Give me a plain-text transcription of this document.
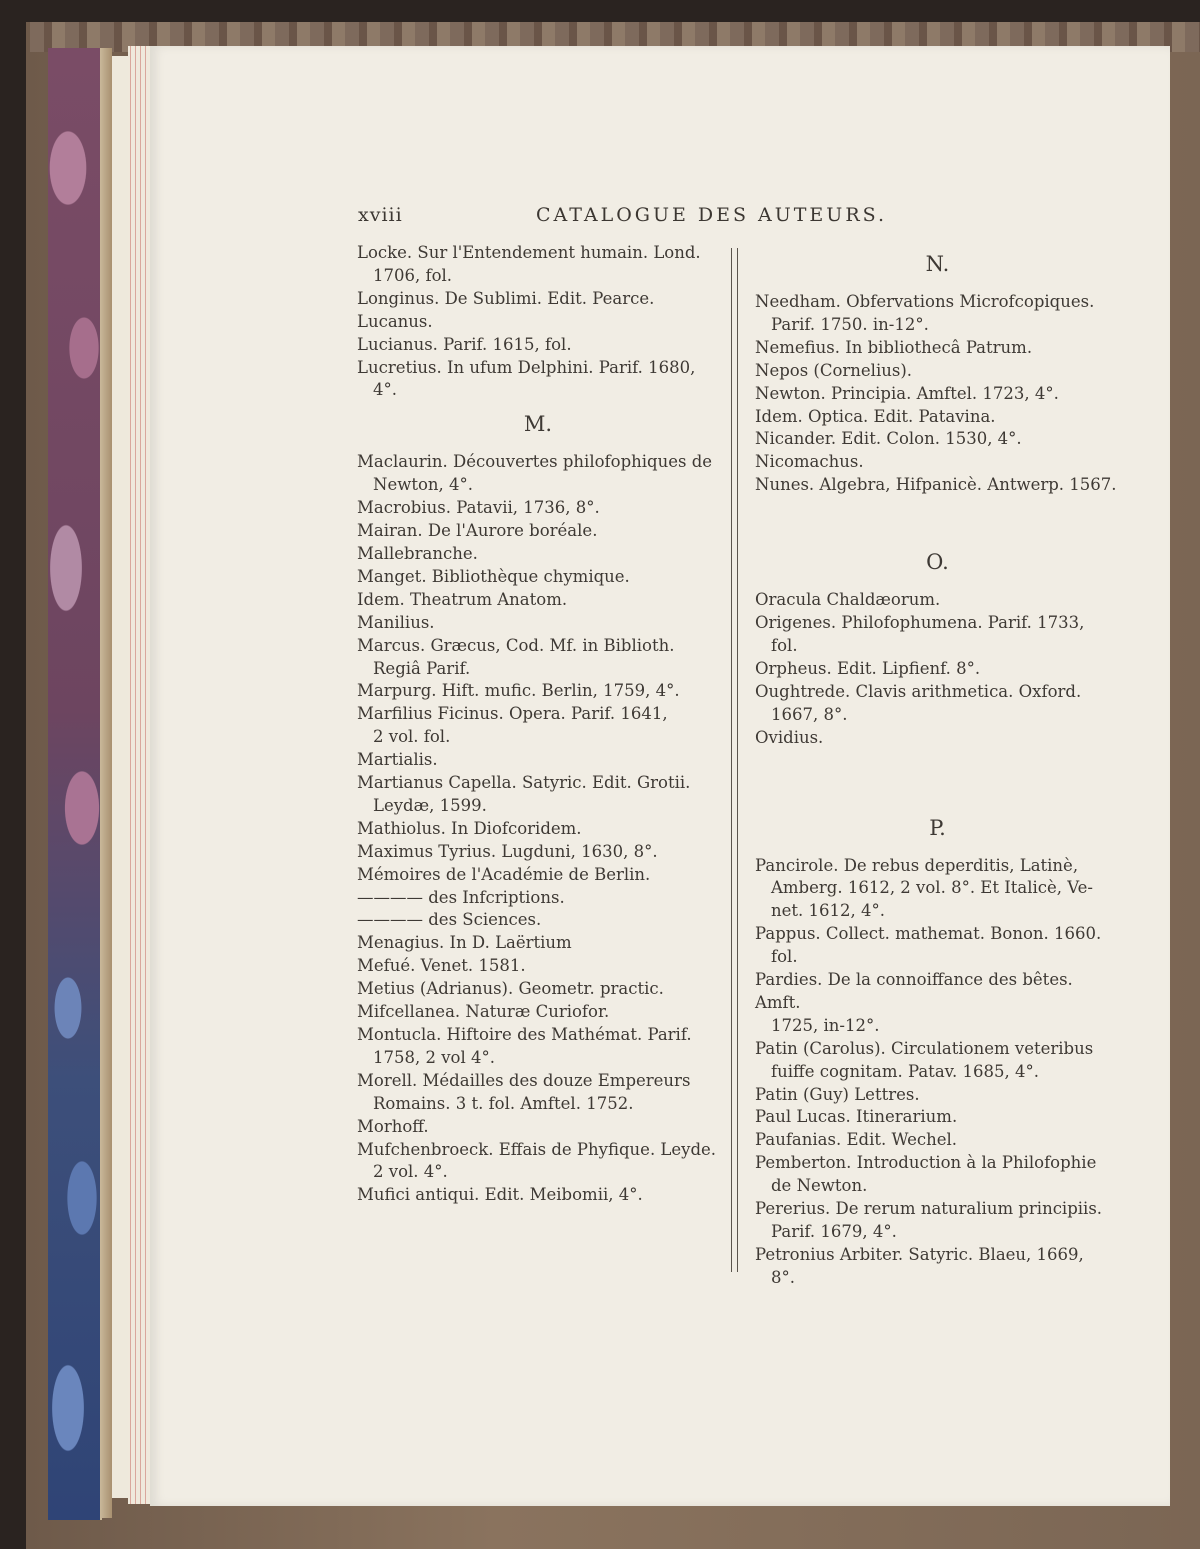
xviii	CATALOGUE DES AUTEURS.
Locke. Sur l'Entendement humain. Lond.
1706, fol.
Longinus. De Sublimi. Edit. Pearce.
Lucanus.
Lucianus. Parif. 1615, fol.
Lucretius. In ufum Delphini. Parif. 1680,
4°.
M.
Maclaurin. Découvertes philofophiques de
Newton, 4°.
Macrobius. Patavii, 1736, 8°.
Mairan. De l'Aurore boréale.
Mallebranche.
Manget. Bibliothèque chymique.
Idem. Theatrum Anatom.
Manilius.
Marcus. Græcus, Cod. Mf. in Biblioth.
Regiâ Parif.
Marpurg. Hift. mufic. Berlin, 1759, 4°.
Marfilius Ficinus. Opera. Parif. 1641,
2 vol. fol.
Martialis.
Martianus Capella. Satyric. Edit. Grotii.
Leydæ, 1599.
Mathiolus. In Diofcoridem.
Maximus Tyrius. Lugduni, 1630, 8°.
Mémoires de l'Académie de Berlin.
———— des Infcriptions.
———— des Sciences.
Menagius. In D. Laërtium
Mefué. Venet. 1581.
Metius (Adrianus). Geometr. practic.
Mifcellanea. Naturæ Curiofor.
Montucla. Hiftoire des Mathémat. Parif.
1758, 2 vol 4°.
Morell. Médailles des douze Empereurs
Romains. 3 t. fol. Amftel. 1752.
Morhoff.
Mufchenbroeck. Effais de Phyfique. Leyde.
2 vol. 4°.
Mufici antiqui. Edit. Meibomii, 4°.
N.
Needham. Obfervations Microfcopiques.
Parif. 1750. in-12°.
Nemefius. In bibliothecâ Patrum.
Nepos (Cornelius).
Newton. Principia. Amftel. 1723, 4°.
Idem. Optica. Edit. Patavina.
Nicander. Edit. Colon. 1530, 4°.
Nicomachus.
Nunes. Algebra, Hifpanicè. Antwerp. 1567.
O.
Oracula Chaldæorum.
Origenes. Philofophumena. Parif. 1733,
fol.
Orpheus. Edit. Lipfienf. 8°.
Oughtrede. Clavis arithmetica. Oxford.
1667, 8°.
Ovidius.
P.
Pancirole. De rebus deperditis, Latinè,
Amberg. 1612, 2 vol. 8°. Et Italicè, Ve-
net. 1612, 4°.
Pappus. Collect. mathemat. Bonon. 1660.
fol.
Pardies. De la connoiffance des bêtes. Amft.
1725, in-12°.
Patin (Carolus). Circulationem veteribus
fuiffe cognitam. Patav. 1685, 4°.
Patin (Guy) Lettres.
Paul Lucas. Itinerarium.
Paufanias. Edit. Wechel.
Pemberton. Introduction à la Philofophie
de Newton.
Pererius. De rerum naturalium principiis.
Parif. 1679, 4°.
Petronius Arbiter. Satyric. Blaeu, 1669,
8°.
